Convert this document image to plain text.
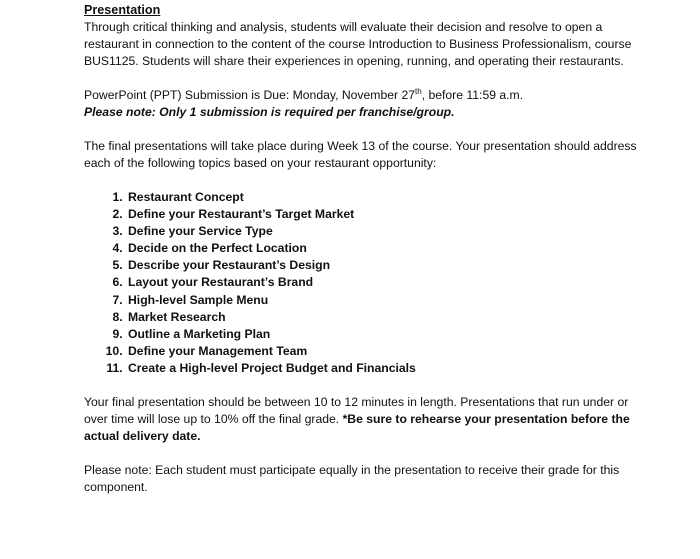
Presentation

Through critical thinking and analysis, students will evaluate their decision and resolve to open a restaurant in connection to the content of the course Introduction to Business Professionalism, course BUS1125. Students will share their experiences in opening, running, and operating their restaurants.

PowerPoint (PPT) Submission is Due: Monday, November 27th, before 11:59 a.m.

Please note: Only 1 submission is required per franchise/group.

The final presentations will take place during Week 13 of the course. Your presentation should address each of the following topics based on your restaurant opportunity:

1. Restaurant Concept
2. Define your Restaurant’s Target Market
3. Define your Service Type
4. Decide on the Perfect Location
5. Describe your Restaurant’s Design
6. Layout your Restaurant’s Brand
7. High-level Sample Menu
8. Market Research
9. Outline a Marketing Plan
10. Define your Management Team
11. Create a High-level Project Budget and Financials

Your final presentation should be between 10 to 12 minutes in length. Presentations that run under or over time will lose up to 10% off the final grade. *Be sure to rehearse your presentation before the actual delivery date.

Please note: Each student must participate equally in the presentation to receive their grade for this component.
